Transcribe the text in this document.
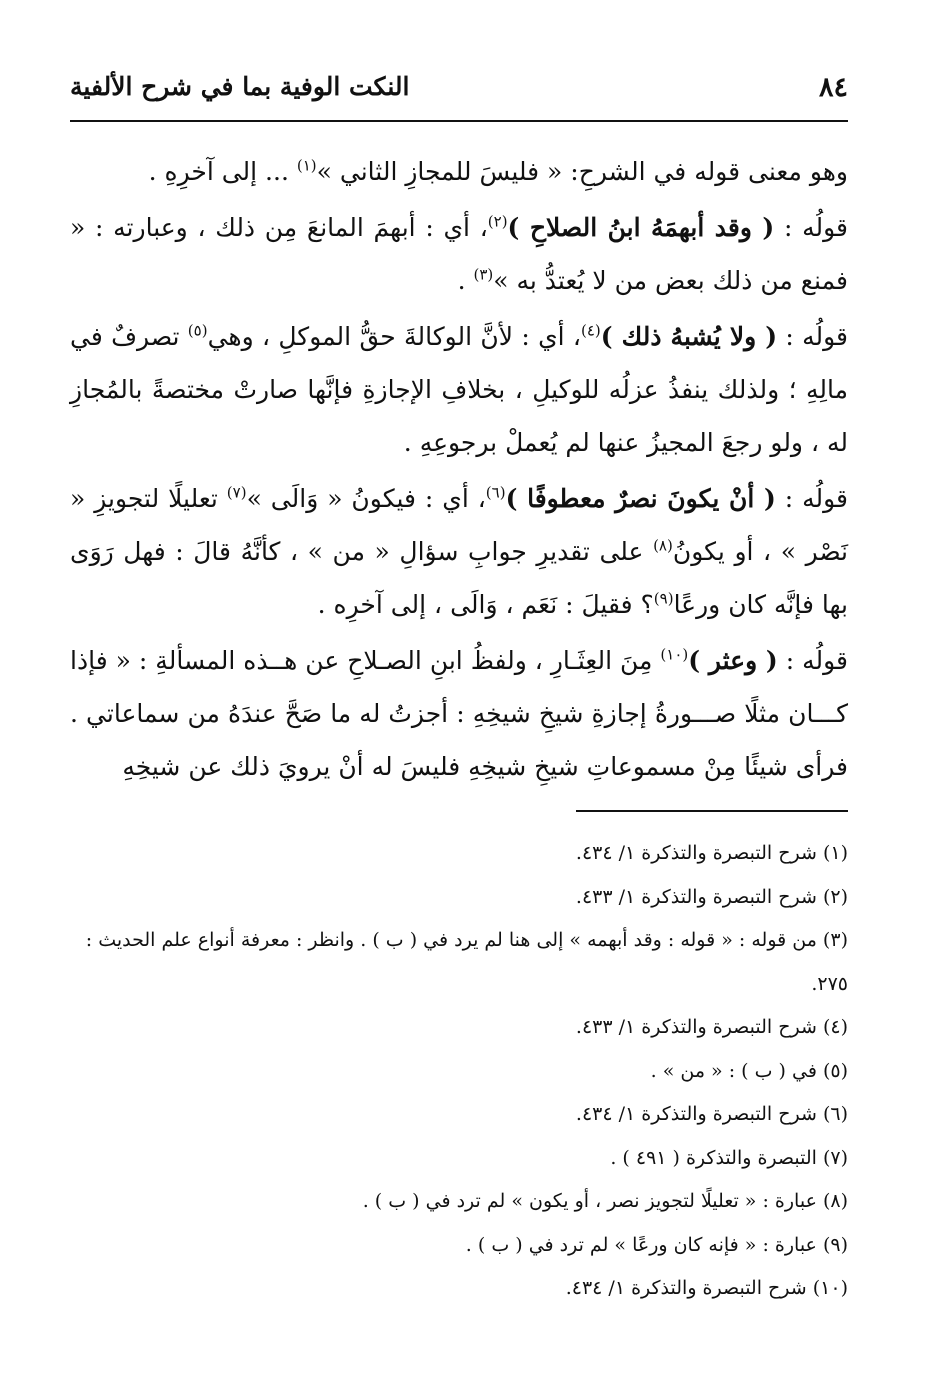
٨٤
النكت الوفية بما في شرح الألفية

وهو معنى قوله في الشرحِ: « فليسَ للمجازِ الثاني »$^{(١)}$ ... إلى آخرِهِ .

قولُه : ( وقد أبهمَهُ ابنُ الصلاحِ )$^{(٢)}$، أي : أبهمَ المانعَ مِن ذلك ، وعبارته : « فمنع من ذلك بعض من لا يُعتدُّ به »$^{(٣)}$ .

قولُه : ( ولا يُشبهُ ذلك )$^{(٤)}$، أي : لأنَّ الوكالةَ حقُّ الموكلِ ، وهي$^{(٥)}$ تصرفٌ في مالِهِ ؛ ولذلك ينفذُ عزلُه للوكيلِ ، بخلافِ الإجازةِ فإنَّها صارتْ مختصةً بالمُجازِ له ، ولو رجعَ المجيزُ عنها لم يُعملْ برجوعِهِ .

قولُه : ( أنْ يكونَ نصرٌ معطوفًا )$^{(٦)}$، أي : فيكونُ « وَالَى »$^{(٧)}$ تعليلًا لتجويزِ « نَصْر » ، أو يكونُ$^{(٨)}$ على تقديرِ جوابِ سؤالِ « من » ، كأنَّهُ قالَ : فهل رَوَى بها فإنَّه كان ورعًا$^{(٩)}$؟ فقيلَ : نَعَم ، وَالَى ، إلى آخرِه .

قولُه : ( وعثر )$^{(١٠)}$ مِنَ العِثَـارِ ، ولفظُ ابنِ الصـلاحِ عن هــذه المسألةِ : « فإذا كـــان مثلًا صـــورةُ إجازةِ شيخِ شيخِهِ : أجزتُ له ما صَحَّ عندَهُ من سماعاتي . فرأى شيئًا مِنْ مسموعاتِ شيخِ شيخِهِ فليسَ له أنْ يرويَ ذلك عن شيخِهِ

(١) شرح التبصرة والتذكرة ١/ ٤٣٤.

(٢) شرح التبصرة والتذكرة ١/ ٤٣٣.

(٣) من قوله : « قوله : وقد أبهمه » إلى هنا لم يرد في ( ب ) . وانظر : معرفة أنواع علم الحديث : ٢٧٥.

(٤) شرح التبصرة والتذكرة ١/ ٤٣٣.

(٥) في ( ب ) : « من » .

(٦) شرح التبصرة والتذكرة ١/ ٤٣٤.

(٧) التبصرة والتذكرة ( ٤٩١ ) .

(٨) عبارة : « تعليلًا لتجويز نصر ، أو يكون » لم ترد في ( ب ) .

(٩) عبارة : « فإنه كان ورعًا » لم ترد في ( ب ) .

(١٠) شرح التبصرة والتذكرة ١/ ٤٣٤.
